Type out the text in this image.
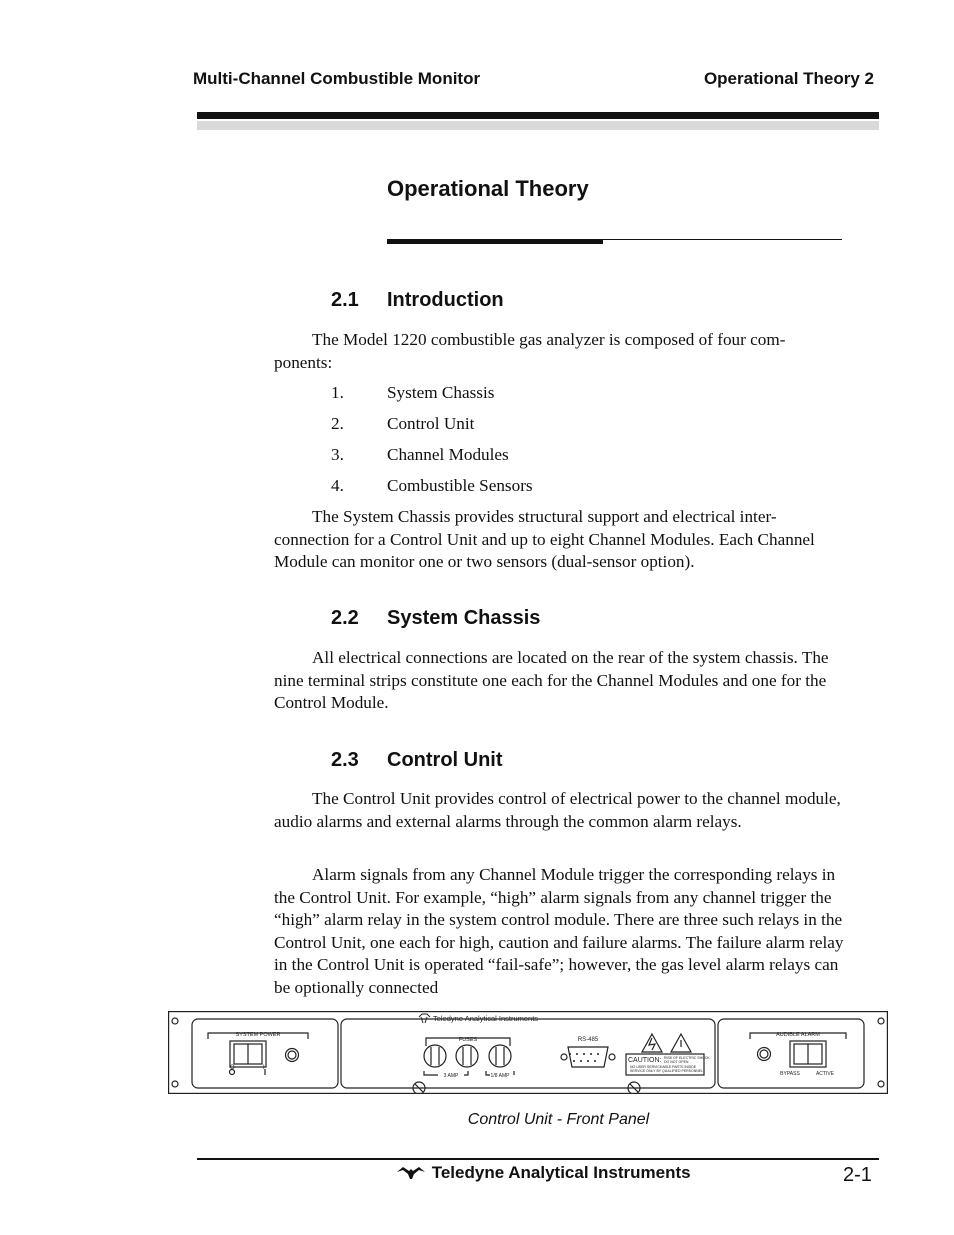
Multi-Channel Combustible Monitor	Operational Theory 2
Operational Theory
2.1 Introduction

The Model 1220 combustible gas analyzer is composed of four com- ponents:

1.	System Chassis
2.	Control Unit
3.	Channel Modules
4.	Combustible Sensors

The System Chassis provides structural support and electrical inter- connection for a Control Unit and up to eight Channel Modules. Each Channel Module can monitor one or two sensors (dual-sensor option).

2.2 System Chassis

All electrical connections are located on the rear of the system chassis. The nine terminal strips constitute one each for the Channel Modules and one for the Control Module.

2.3 Control Unit

The Control Unit provides control of electrical power to the channel module, audio alarms and external alarms through the common alarm relays.

Alarm signals from any Channel Module trigger the corresponding relays in the Control Unit. For example, “high” alarm signals from any channel trigger the “high” alarm relay in the system control module. There are three such relays in the Control Unit, one each for high, caution and failure alarms. The failure alarm relay in the Control Unit is operated “fail-safe”; however, the gas level alarm relays can be optionally connected

Teledyne Analytical Instruments
SYSTEM POWER
O	I
FUSES
3 AMP	1/8 AMP
RS-485
CAUTION: RISK OF ELECTRIC SHOCK
DO NOT OPEN
NO USER SERVICEABLE PARTS INSIDE
SERVICE ONLY BY QUALIFIED PERSONNEL
AUDIBLE ALARM
BYPASS	ACTIVE
Control Unit - Front Panel
Teledyne Analytical Instruments	2-1
